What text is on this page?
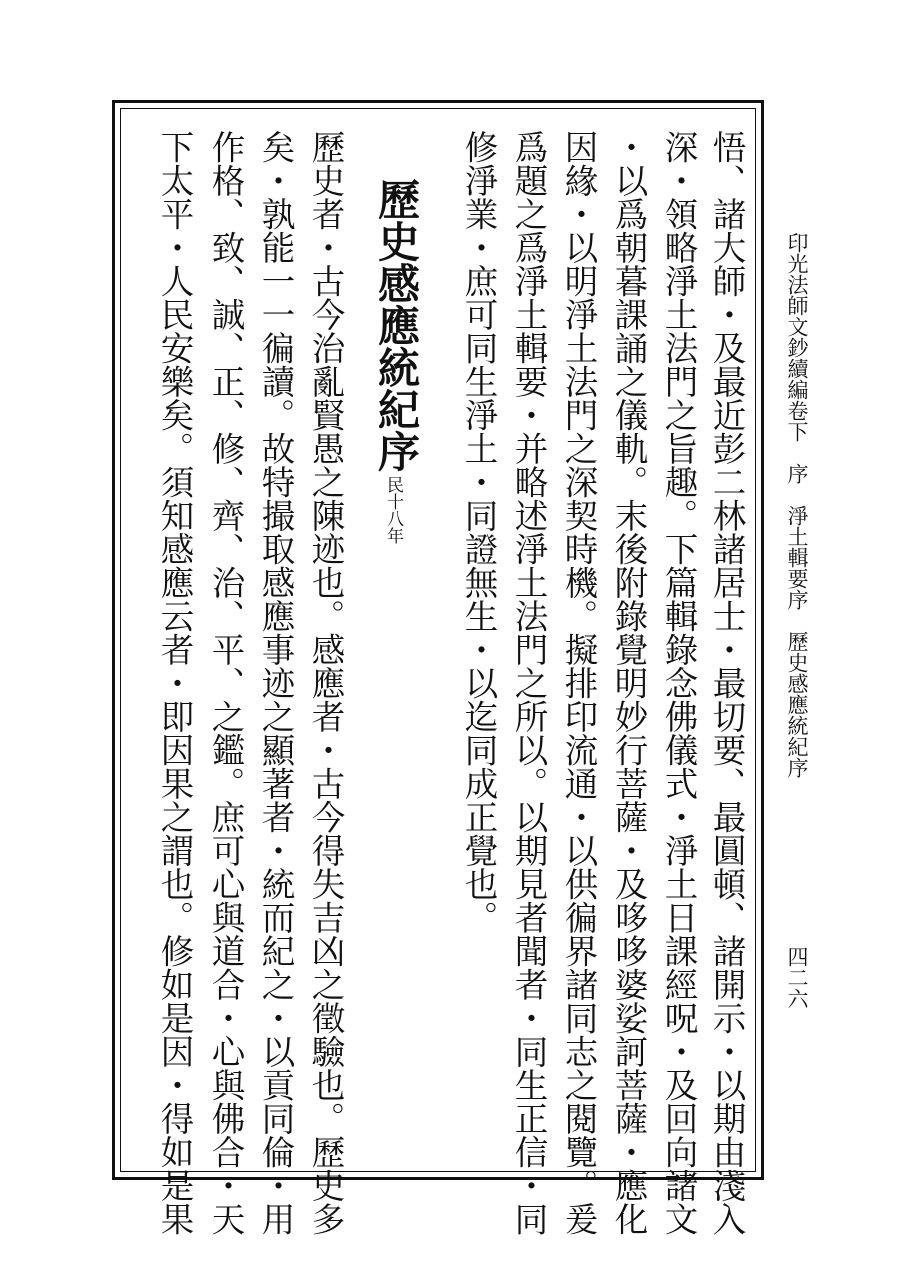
悟、諸大師・及最近彭二林諸居士・最切要、最圓頓、諸開示・以期由淺入
深・領略淨土法門之旨趣。下篇輯錄念佛儀式・淨土日課經呪・及回向諸文
・以爲朝暮課誦之儀軌。末後附錄覺明妙行菩薩・及哆哆婆娑訶菩薩・應化
因緣・以明淨土法門之深契時機。擬排印流通・以供徧界諸同志之閱覽。爰
爲題之爲淨土輯要・并略述淨土法門之所以。以期見者聞者・同生正信・同
修淨業・庶可同生淨土・同證無生・以迄同成正覺也。
歷史感應統紀序
民十八年
歷史者・古今治亂賢愚之陳迹也。感應者・古今得失吉凶之徵驗也。歷史多
矣・孰能一一徧讀。故特撮取感應事迹之顯著者・統而紀之・以貢同倫・用
作格、致、誠、正、修、齊、治、平、之鑑。庶可心與道合・心與佛合・天
下太平・人民安樂矣。須知感應云者・即因果之謂也。修如是因・得如是果	印光法師文鈔續編卷下　序　淨土輯要序　歷史感應統紀序
四二六
